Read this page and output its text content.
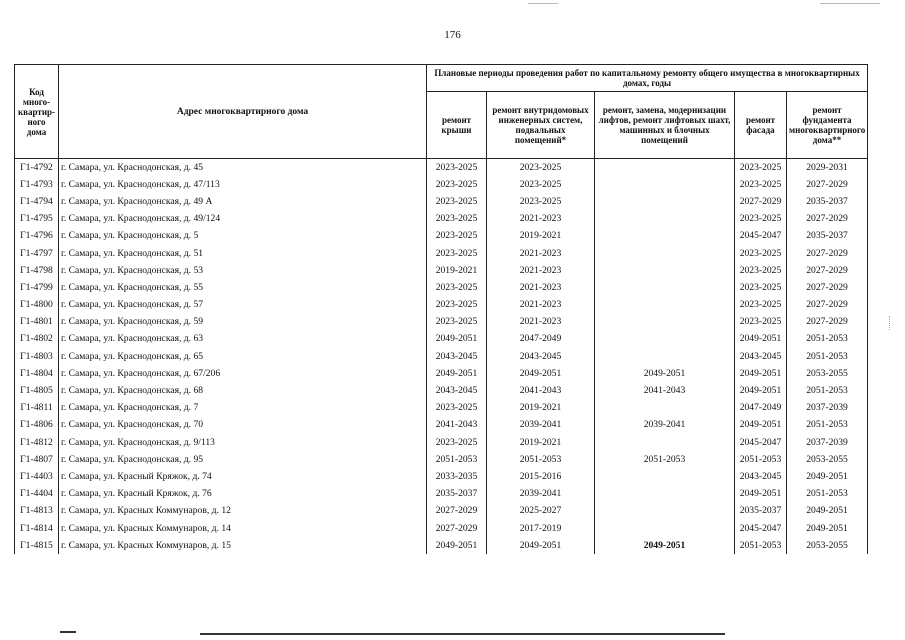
176
Код много-квартир-ного дома	Адрес многоквартирного дома	Плановые периоды проведения работ по капитальному ремонту общего имущества в многоквартирных домах, годы				
		ремонт крыши	ремонт внутридомовых инженерных систем, подвальных помещений*	ремонт, замена, модернизации лифтов, ремонт лифтовых шахт, машинных и блочных помещений	ремонт фасада	ремонт фундамента многоквартирного дома**
Г1-4792	г. Самара, ул. Краснодонская, д. 45	2023-2025	2023-2025		2023-2025	2029-2031
Г1-4793	г. Самара, ул. Краснодонская, д. 47/113	2023-2025	2023-2025		2023-2025	2027-2029
Г1-4794	г. Самара, ул. Краснодонская, д. 49 А	2023-2025	2023-2025		2027-2029	2035-2037
Г1-4795	г. Самара, ул. Краснодонская, д. 49/124	2023-2025	2021-2023		2023-2025	2027-2029
Г1-4796	г. Самара, ул. Краснодонская, д. 5	2023-2025	2019-2021		2045-2047	2035-2037
Г1-4797	г. Самара, ул. Краснодонская, д. 51	2023-2025	2021-2023		2023-2025	2027-2029
Г1-4798	г. Самара, ул. Краснодонская, д. 53	2019-2021	2021-2023		2023-2025	2027-2029
Г1-4799	г. Самара, ул. Краснодонская, д. 55	2023-2025	2021-2023		2023-2025	2027-2029
Г1-4800	г. Самара, ул. Краснодонская, д. 57	2023-2025	2021-2023		2023-2025	2027-2029
Г1-4801	г. Самара, ул. Краснодонская, д. 59	2023-2025	2021-2023		2023-2025	2027-2029
Г1-4802	г. Самара, ул. Краснодонская, д. 63	2049-2051	2047-2049		2049-2051	2051-2053
Г1-4803	г. Самара, ул. Краснодонская, д. 65	2043-2045	2043-2045		2043-2045	2051-2053
Г1-4804	г. Самара, ул. Краснодонская, д. 67/206	2049-2051	2049-2051	2049-2051	2049-2051	2053-2055
Г1-4805	г. Самара, ул. Краснодонская, д. 68	2043-2045	2041-2043	2041-2043	2049-2051	2051-2053
Г1-4811	г. Самара, ул. Краснодонская, д. 7	2023-2025	2019-2021		2047-2049	2037-2039
Г1-4806	г. Самара, ул. Краснодонская, д. 70	2041-2043	2039-2041	2039-2041	2049-2051	2051-2053
Г1-4812	г. Самара, ул. Краснодонская, д. 9/113	2023-2025	2019-2021		2045-2047	2037-2039
Г1-4807	г. Самара, ул. Краснодонская, д. 95	2051-2053	2051-2053	2051-2053	2051-2053	2053-2055
Г1-4403	г. Самара, ул. Красный Кряжок, д. 74	2033-2035	2015-2016		2043-2045	2049-2051
Г1-4404	г. Самара, ул. Красный Кряжок, д. 76	2035-2037	2039-2041		2049-2051	2051-2053
Г1-4813	г. Самара, ул. Красных Коммунаров, д. 12	2027-2029	2025-2027		2035-2037	2049-2051
Г1-4814	г. Самара, ул. Красных Коммунаров, д. 14	2027-2029	2017-2019		2045-2047	2049-2051
Г1-4815	г. Самара, ул. Красных Коммунаров, д. 15	2049-2051	2049-2051	2049-2051	2051-2053	2053-2055
